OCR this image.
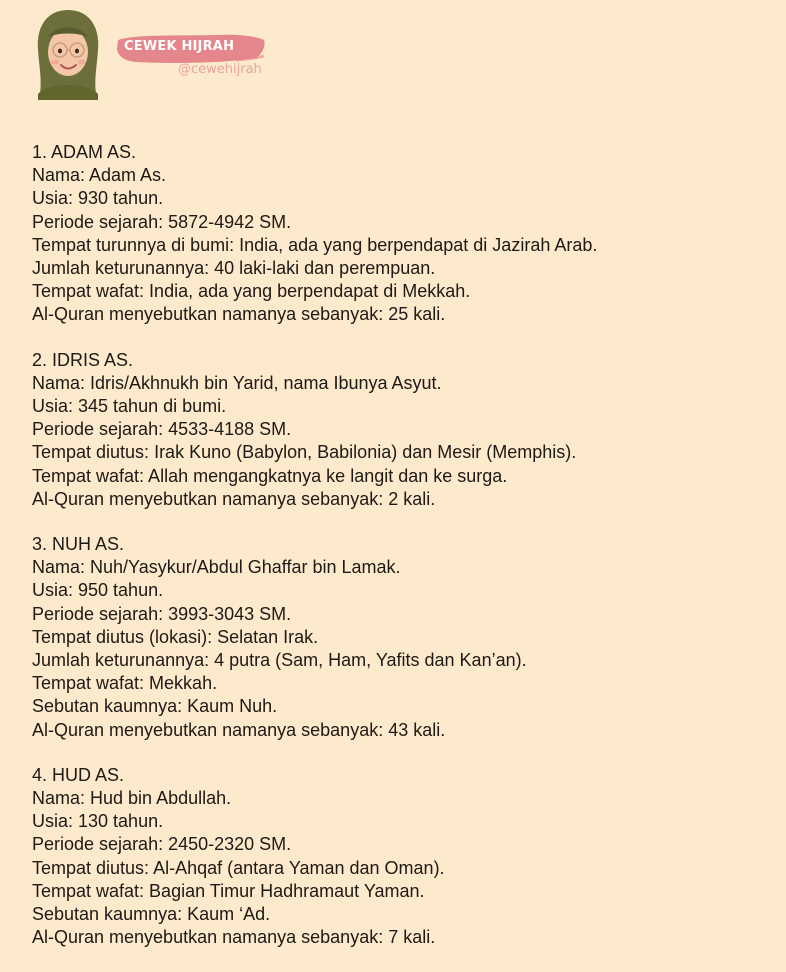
CEWEK HIJRAH
@cewehijrah
1. ADAM AS.
Nama: Adam As.
Usia: 930 tahun.
Periode sejarah: 5872-4942 SM.
Tempat turunnya di bumi: India, ada yang berpendapat di Jazirah Arab.
Jumlah keturunannya: 40 laki-laki dan perempuan.
Tempat wafat: India, ada yang berpendapat di Mekkah.
Al-Quran menyebutkan namanya sebanyak: 25 kali.
2. IDRIS AS.
Nama: Idris/Akhnukh bin Yarid, nama Ibunya Asyut.
Usia: 345 tahun di bumi.
Periode sejarah: 4533-4188 SM.
Tempat diutus: Irak Kuno (Babylon, Babilonia) dan Mesir (Memphis).
Tempat wafat: Allah mengangkatnya ke langit dan ke surga.
Al-Quran menyebutkan namanya sebanyak: 2 kali.
3. NUH AS.
Nama: Nuh/Yasykur/Abdul Ghaffar bin Lamak.
Usia: 950 tahun.
Periode sejarah: 3993-3043 SM.
Tempat diutus (lokasi): Selatan Irak.
Jumlah keturunannya: 4 putra (Sam, Ham, Yafits dan Kan’an).
Tempat wafat: Mekkah.
Sebutan kaumnya: Kaum Nuh.
Al-Quran menyebutkan namanya sebanyak: 43 kali.
4. HUD AS.
Nama: Hud bin Abdullah.
Usia: 130 tahun.
Periode sejarah: 2450-2320 SM.
Tempat diutus: Al-Ahqaf (antara Yaman dan Oman).
Tempat wafat: Bagian Timur Hadhramaut Yaman.
Sebutan kaumnya: Kaum ‘Ad.
Al-Quran menyebutkan namanya sebanyak: 7 kali.
